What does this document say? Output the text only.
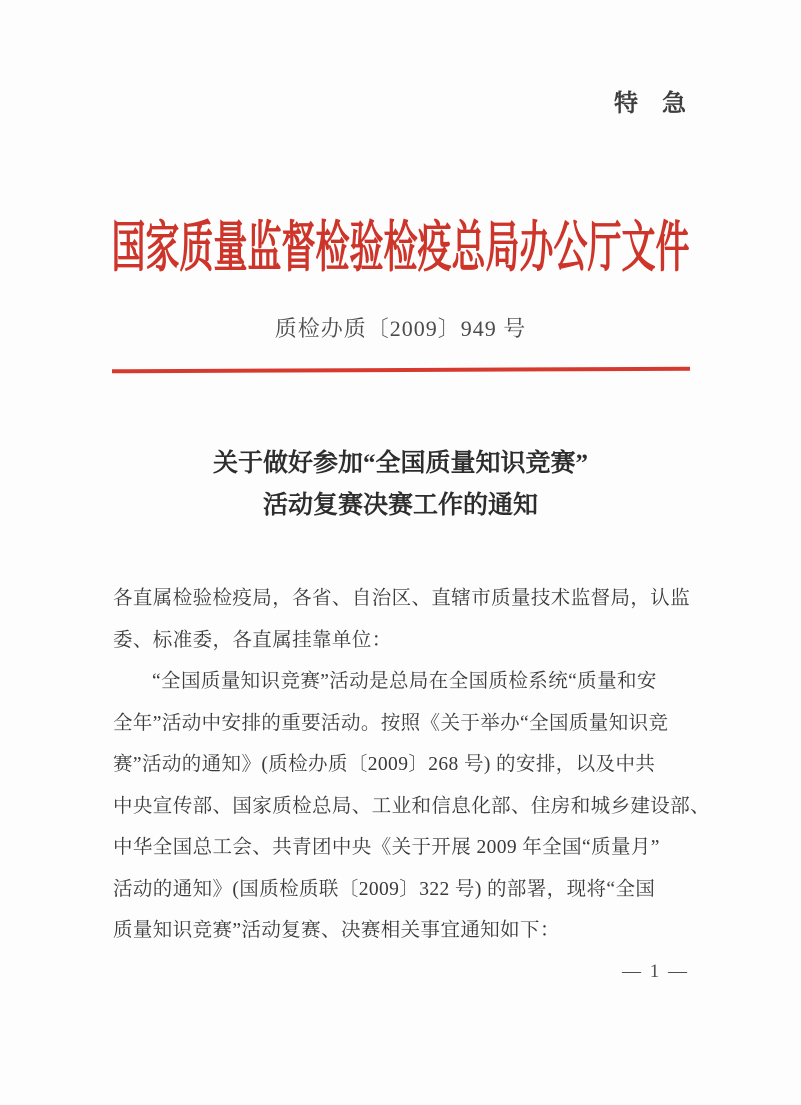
特　急
国家质量监督检验检疫总局办公厅文件
质检办质〔2009〕949 号
关于做好参加“全国质量知识竞赛”
活动复赛决赛工作的通知
各直属检验检疫局，各省、自治区、直辖市质量技术监督局，认监
委、标准委，各直属挂靠单位：
“全国质量知识竞赛”活动是总局在全国质检系统“质量和安
全年”活动中安排的重要活动。按照《关于举办“全国质量知识竞
赛”活动的通知》(质检办质〔2009〕268 号) 的安排，以及中共
中央宣传部、国家质检总局、工业和信息化部、住房和城乡建设部、
中华全国总工会、共青团中央《关于开展 2009 年全国“质量月”
活动的通知》(国质检质联〔2009〕322 号) 的部署，现将“全国
质量知识竞赛”活动复赛、决赛相关事宜通知如下：
— 1 —
